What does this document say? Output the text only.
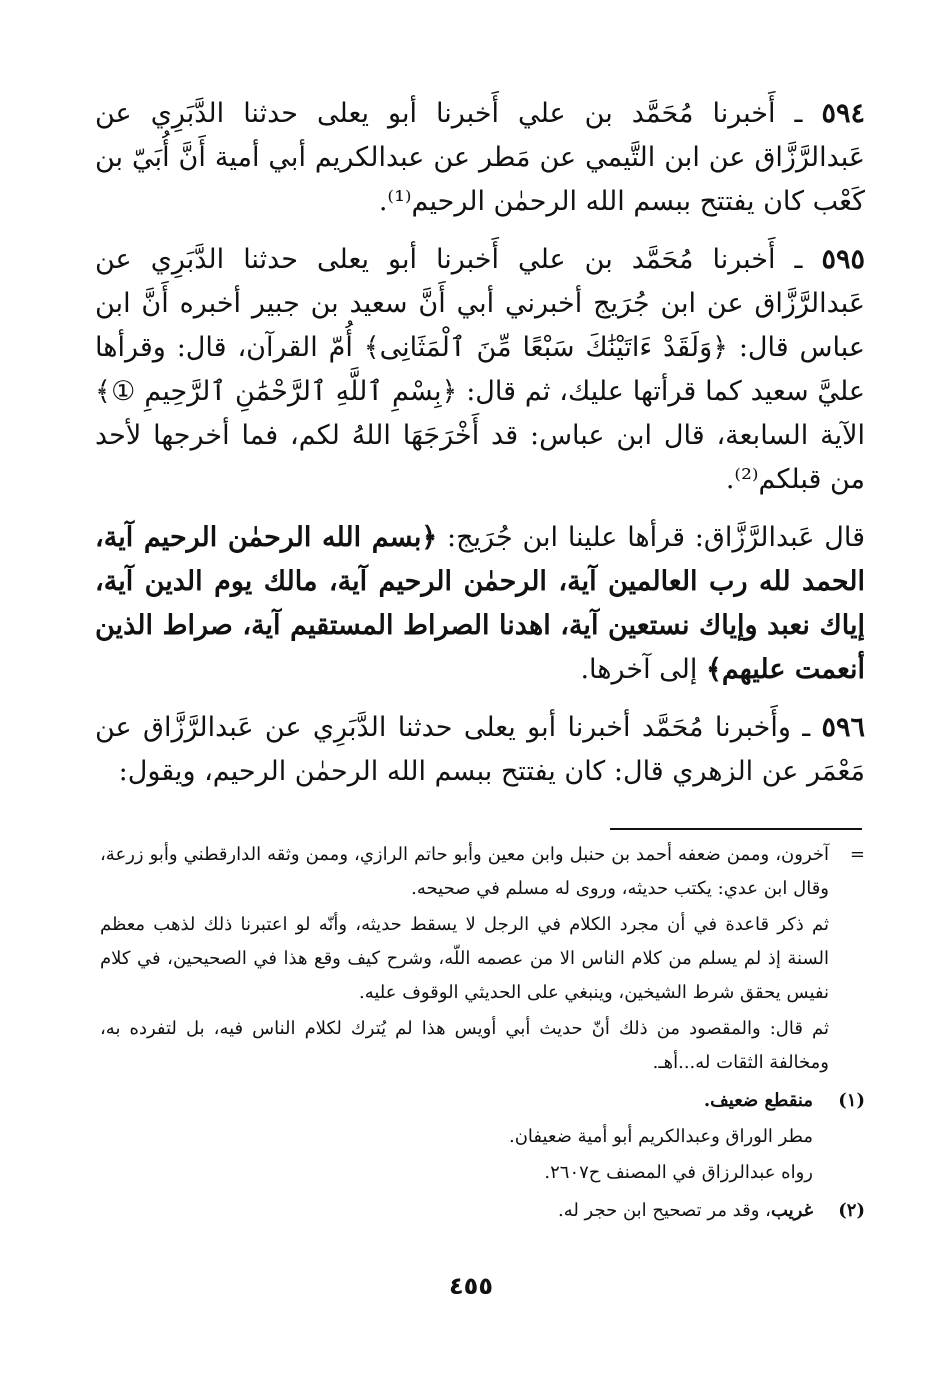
٥٩٤ ـ أَخبرنا مُحَمَّد بن علي أَخبرنا أبو يعلى حدثنا الدَّبَرِي عن عَبدالرَّزَّاق عن ابن التَّيمي عن مَطر عن عبدالكريم أبي أمية أَنَّ أُبَيّ بن كَعْب كان يفتتح ببسم الله الرحمٰن الرحيم⁽¹⁾.

٥٩٥ ـ أَخبرنا مُحَمَّد بن علي أَخبرنا أبو يعلى حدثنا الدَّبَرِي عن عَبدالرَّزَّاق عن ابن جُرَيج أخبرني أبي أَنَّ سعيد بن جبير أخبره أَنَّ ابن عباس قال: ﴿وَلَقَدْ ءَاتَيْنَٰكَ سَبْعًا مِّنَ ٱلْمَثَانِى﴾ أُمّ القرآن، قال: وقرأها عليَّ سعيد كما قرأتها عليك، ثم قال: ﴿بِسْمِ ٱللَّهِ ٱلرَّحْمَٰنِ ٱلرَّحِيمِ ①﴾ الآية السابعة، قال ابن عباس: قد أَخْرَجَهَا اللهُ لكم، فما أخرجها لأحد من قبلكم⁽²⁾.

قال عَبدالرَّزَّاق: قرأها علينا ابن جُرَيج: ﴿بسم الله الرحمٰن الرحيم آية، الحمد لله رب العالمين آية، الرحمٰن الرحيم آية، مالك يوم الدين آية، إياك نعبد وإياك نستعين آية، اهدنا الصراط المستقيم آية، صراط الذين أنعمت عليهم﴾ إلى آخرها.

٥٩٦ ـ وأَخبرنا مُحَمَّد أخبرنا أبو يعلى حدثنا الدَّبَرِي عن عَبدالرَّزَّاق عن مَعْمَر عن الزهري قال: كان يفتتح ببسم الله الرحمٰن الرحيم، ويقول:

=

آخرون، وممن ضعفه أحمد بن حنبل وابن معين وأبو حاتم الرازي، وممن وثقه الدارقطني وأبو زرعة، وقال ابن عدي: يكتب حديثه، وروى له مسلم في صحيحه.

ثم ذكر قاعدة في أن مجرد الكلام في الرجل لا يسقط حديثه، وأنّه لو اعتبرنا ذلك لذهب معظم السنة إذ لم يسلم من كلام الناس الا من عصمه اللّه، وشرح كيف وقع هذا في الصحيحين، في كلام نفيس يحقق شرط الشيخين، وينبغي على الحديثي الوقوف عليه.

ثم قال: والمقصود من ذلك أنّ حديث أبي أويس هذا لم يُترك لكلام الناس فيه، بل لتفرده به، ومخالفة الثقات له...أهـ.

(١)

منقطع ضعيف.

مطر الوراق وعبدالكريم أبو أمية ضعيفان.

رواه عبدالرزاق في المصنف ح٢٦٠٧.

(٢)

غريب، وقد مر تصحيح ابن حجر له.

٤٥٥
